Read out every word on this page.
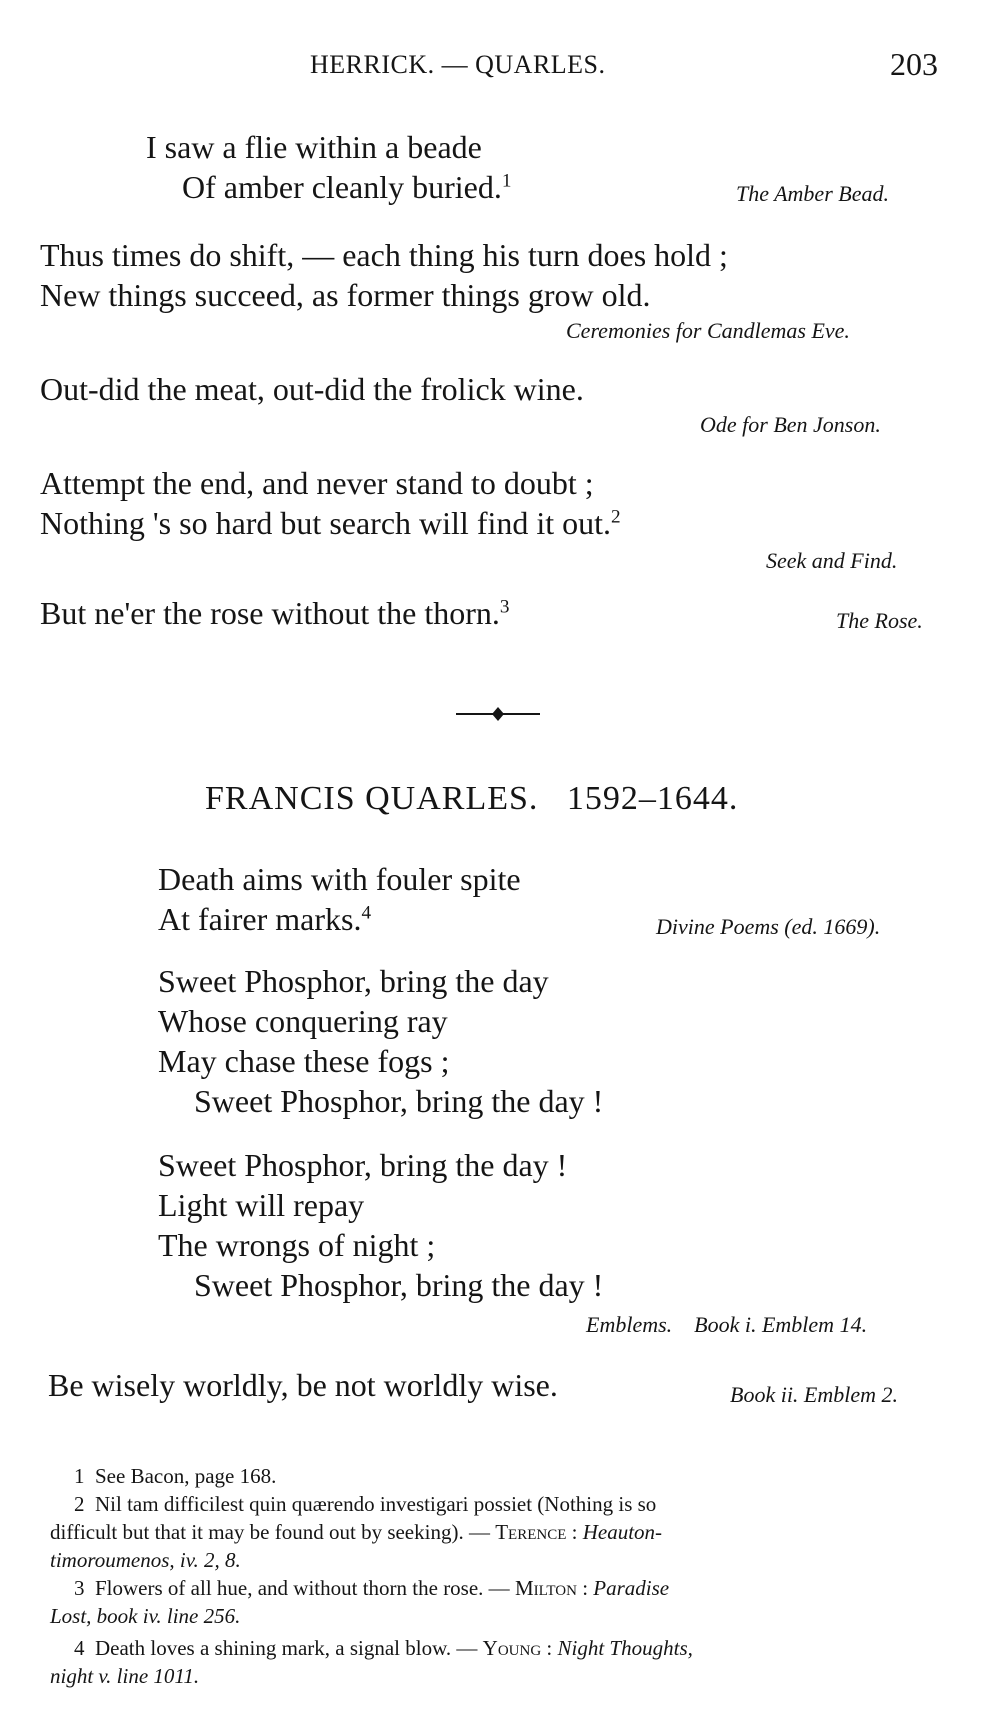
HERRICK. — QUARLES.	203
I saw a flie within a beade
Of amber cleanly buried.$^1$
The Amber Bead.
Thus times do shift, — each thing his turn does hold ;
New things succeed, as former things grow old.
Ceremonies for Candlemas Eve.
Out-did the meat, out-did the frolick wine.
Ode for Ben Jonson.
Attempt the end, and never stand to doubt ;
Nothing 's so hard but search will find it out.$^2$
Seek and Find.
But ne'er the rose without the thorn.$^3$
The Rose.
FRANCIS QUARLES. 1592–1644.
Death aims with fouler spite
At fairer marks.$^4$
Divine Poems (ed. 1669).
Sweet Phosphor, bring the day
Whose conquering ray
May chase these fogs ;
Sweet Phosphor, bring the day !
Sweet Phosphor, bring the day !
Light will repay
The wrongs of night ;
Sweet Phosphor, bring the day !
Emblems. Book i. Emblem 14.
Be wisely worldly, be not worldly wise.	Book ii. Emblem 2.
1 See Bacon, page 168.
2 Nil tam difficilest quin quærendo investigari possiet (Nothing is so
difficult but that it may be found out by seeking). — Terence : Heauton-
timoroumenos, iv. 2, 8.
3 Flowers of all hue, and without thorn the rose. — Milton : Paradise
Lost, book iv. line 256.
4 Death loves a shining mark, a signal blow. — Young : Night Thoughts,
night v. line 1011.
